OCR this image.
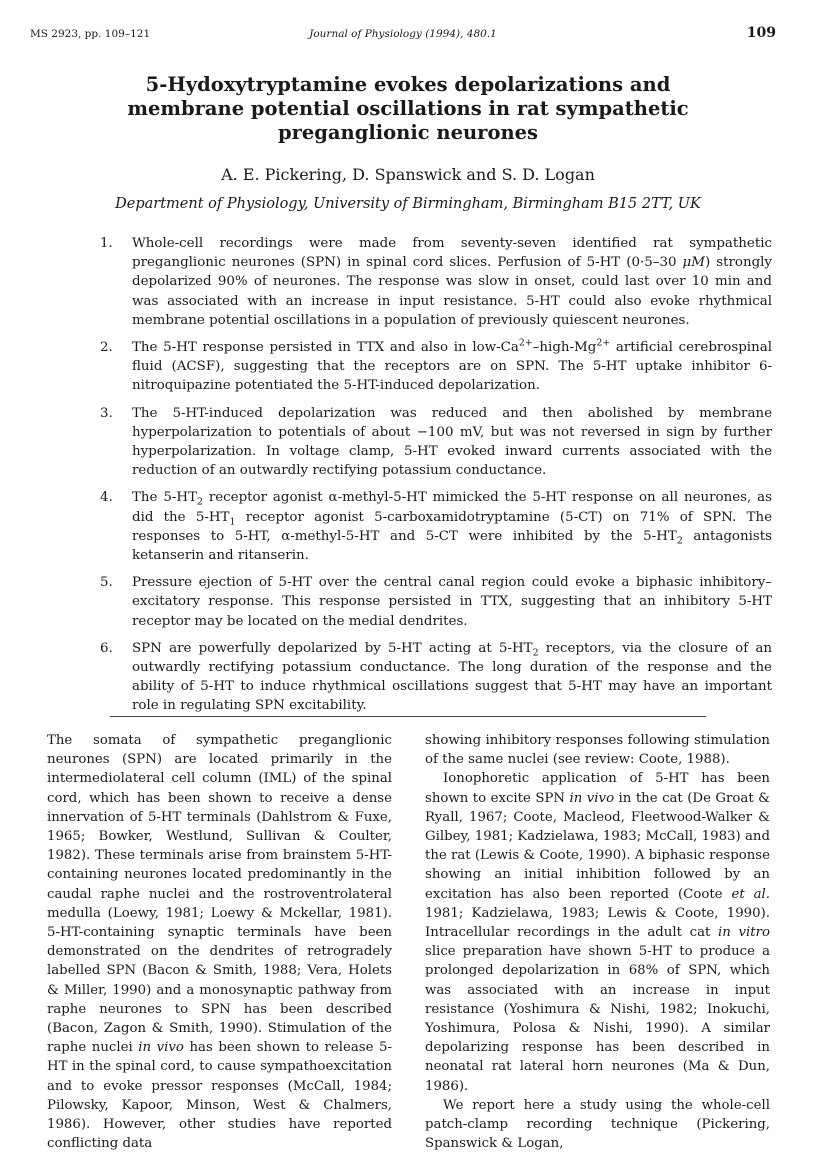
MS 2923, pp. 109–121	Journal of Physiology (1994), 480.1	109
5-Hydoxytryptamine evokes depolarizations and membrane potential oscillations in rat sympathetic preganglionic neurones
A. E. Pickering, D. Spanswick and S. D. Logan
Department of Physiology, University of Birmingham, Birmingham B15 2TT, UK
1. Whole-cell recordings were made from seventy-seven identified rat sympathetic preganglionic neurones (SPN) in spinal cord slices. Perfusion of 5-HT (0·5–30 μM) strongly depolarized 90% of neurones. The response was slow in onset, could last over 10 min and was associated with an increase in input resistance. 5-HT could also evoke rhythmical membrane potential oscillations in a population of previously quiescent neurones.
2. The 5-HT response persisted in TTX and also in low-$Ca^{2+}-high-Mg^{2+}$ artificial cerebrospinal fluid (ACSF), suggesting that the receptors are on SPN. The 5-HT uptake inhibitor 6-nitroquipazine potentiated the 5-HT-induced depolarization.
3. The 5-HT-induced depolarization was reduced and then abolished by membrane hyperpolarization to potentials of about −100 mV, but was not reversed in sign by further hyperpolarization. In voltage clamp, 5-HT evoked inward currents associated with the reduction of an outwardly rectifying potassium conductance.
4. The $5-HT_2$ receptor agonist α-methyl-5-HT mimicked the 5-HT response on all neurones, as did the $5-HT_1$ receptor agonist 5-carboxamidotryptamine (5-CT) on 71% of SPN. The responses to 5-HT, α-methyl-5-HT and 5-CT were inhibited by the $5-HT_2$ antagonists ketanserin and ritanserin.
5. Pressure ejection of 5-HT over the central canal region could evoke a biphasic inhibitory–excitatory response. This response persisted in TTX, suggesting that an inhibitory 5-HT receptor may be located on the medial dendrites.
6. SPN are powerfully depolarized by 5-HT acting at $5-HT_2$ receptors, via the closure of an outwardly rectifying potassium conductance. The long duration of the response and the ability of 5-HT to induce rhythmical oscillations suggest that 5-HT may have an important role in regulating SPN excitability.

The somata of sympathetic preganglionic neurones (SPN) are located primarily in the intermediolateral cell column (IML) of the spinal cord, which has been shown to receive a dense innervation of 5-HT terminals (Dahlstrom & Fuxe, 1965; Bowker, Westlund, Sullivan & Coulter, 1982). These terminals arise from brainstem 5-HT-containing neurones located predominantly in the caudal raphe nuclei and the rostroventrolateral medulla (Loewy, 1981; Loewy & Mckellar, 1981). 5-HT-containing synaptic terminals have been demonstrated on the dendrites of retrogradely labelled SPN (Bacon & Smith, 1988; Vera, Holets & Miller, 1990) and a monosynaptic pathway from raphe neurones to SPN has been described (Bacon, Zagon & Smith, 1990). Stimulation of the raphe nuclei in vivo has been shown to release 5-HT in the spinal cord, to cause sympathoexcitation and to evoke pressor responses (McCall, 1984; Pilowsky, Kapoor, Minson, West & Chalmers, 1986). However, other studies have reported conflicting data

showing inhibitory responses following stimulation of the same nuclei (see review: Coote, 1988).

Ionophoretic application of 5-HT has been shown to excite SPN in vivo in the cat (De Groat & Ryall, 1967; Coote, Macleod, Fleetwood-Walker & Gilbey, 1981; Kadzielawa, 1983; McCall, 1983) and the rat (Lewis & Coote, 1990). A biphasic response showing an initial inhibition followed by an excitation has also been reported (Coote et al. 1981; Kadzielawa, 1983; Lewis & Coote, 1990). Intracellular recordings in the adult cat in vitro slice preparation have shown 5-HT to produce a prolonged depolarization in 68% of SPN, which was associated with an increase in input resistance (Yoshimura & Nishi, 1982; Inokuchi, Yoshimura, Polosa & Nishi, 1990). A similar depolarizing response has been described in neonatal rat lateral horn neurones (Ma & Dun, 1986).

We report here a study using the whole-cell patch-clamp recording technique (Pickering, Spanswick & Logan,
